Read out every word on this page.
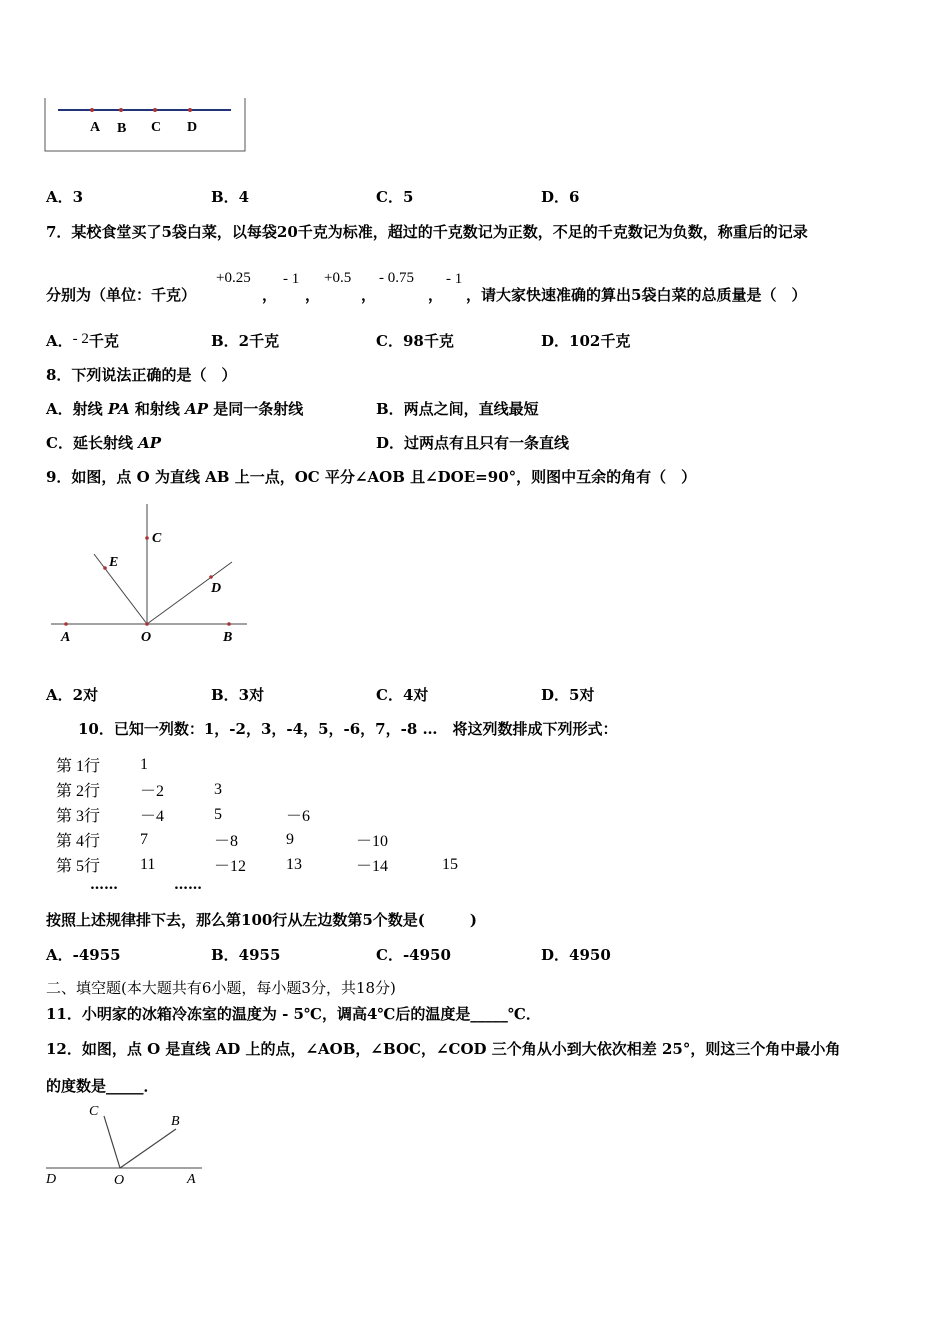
A B C D
A．3	B．4	C．5	D．6
7．某校食堂买了5袋白菜，以每袋20千克为标准，超过的千克数记为正数，不足的千克数记为负数，称重后的记录
分别为（单位：千克）
+0.25
，
- 1
，
+0.5
，
- 0.75
，
- 1
，请大家快速准确的算出5袋白菜的总质量是（　）
A．- 2千克	B．2千克	C．98千克	D．102千克
8．下列说法正确的是（　）
A．射线 PA 和射线 AP 是同一条射线	B．两点之间，直线最短
C．延长射线 AP	D．过两点有且只有一条直线
9．如图，点 O 为直线 AB 上一点，OC 平分∠AOB 且∠DOE=90°，则图中互余的角有（　）
C
E
D
A	O	B
A．2对	B．3对	C．4对	D．5对
10．已知一列数：1，-2，3，-4，5，-6，7，-8 …　将这列数排成下列形式：
第 1行	1				
第 2行	－2	3			
第 3行	－4	5	－6		
第 4行	7	－8	9	－10	
第 5行	11	－12	13	－14	15
……	……
按照上述规律排下去，那么第100行从左边数第5个数是(　　　)
A．-4955	B．4955	C．-4950	D．4950
二、填空题(本大题共有6小题，每小题3分，共18分)
11．小明家的冰箱冷冻室的温度为 - 5℃，调高4℃后的温度是_____℃．
12．如图，点 O 是直线 AD 上的点，∠AOB，∠BOC，∠COD 三个角从小到大依次相差 25°，则这三个角中最小角
的度数是_____．
C
B
D	O	A
